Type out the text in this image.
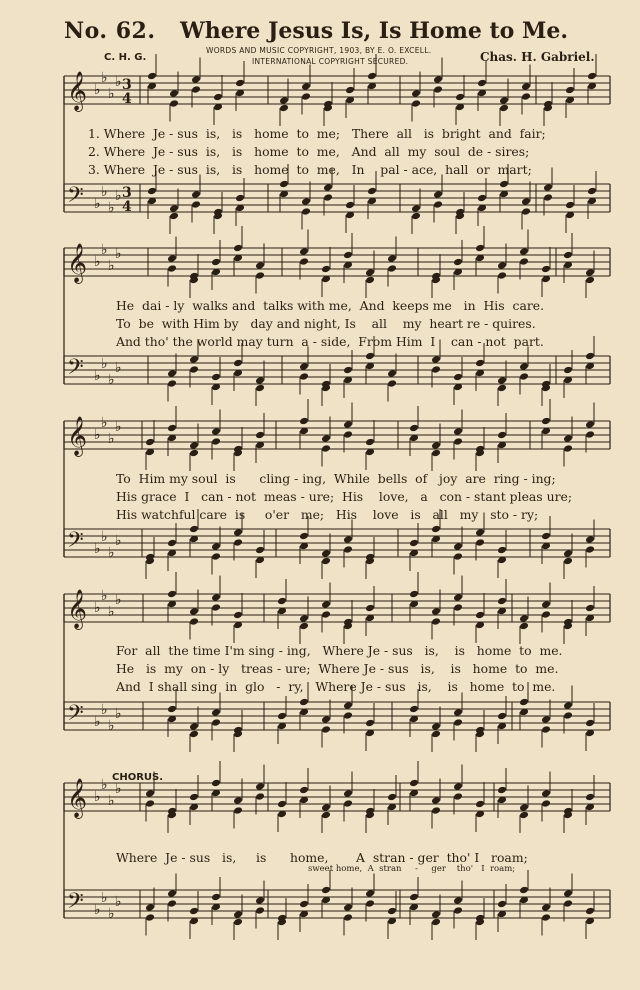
No. 62. Where Jesus Is, Is Home to Me.
WORDS AND MUSIC COPYRIGHT, 1903, BY E. O. EXCELL.
INTERNATIONAL COPYRIGHT SECURED.
C. H. G.	Chas. H. Gabriel.
𝄞 ♭
♭
♭
♭ 3
4
𝄢 ♭
♭
♭
♭ 3
4
𝄞 ♭
♭
♭
♭
𝄢 ♭
♭
♭
♭
𝄞 ♭
♭
♭
♭
𝄢 ♭
♭
♭
♭
𝄞 ♭
♭
♭
♭
𝄢 ♭
♭
♭
♭
𝄞 ♭
♭
♭
♭
𝄢 ♭
♭
♭
♭
1. Where  Je - sus  is,   is   home  to  me;   There  all   is  bright  and  fair;
2. Where  Je - sus  is,   is   home  to  me,   And  all  my  soul  de - sires;
3. Where  Je - sus  is,   is   home  to  me,   In    pal - ace,  hall  or  mart;
He  dai - ly  walks and  talks with me,  And  keeps me   in  His  care.
To  be  with Him by   day and night, Is    all    my  heart re - quires.
And tho' the world may turn  a - side,  From Him  I    can - not  part.
To  Him my soul  is      cling - ing,  While  bells  of   joy  are  ring - ing;
His grace  I   can - not  meas - ure;  His    love,   a   con - stant pleas ure;
His watchful care  is     o'er   me;   His    love   is   all   my   sto - ry;
For  all  the time I'm sing - ing,   Where Je - sus   is,    is   home  to  me.
He   is  my  on - ly   treas - ure;  Where Je - sus   is,    is   home  to  me.
And  I shall sing  in  glo   -  ry,   Where Je - sus   is,    is   home  to  me.
CHORUS.
Where  Je - sus   is,     is      home,       A  stran - ger  tho' I   roam;
sweet home,  A  stran     -     ger    tho'   I  roam;
